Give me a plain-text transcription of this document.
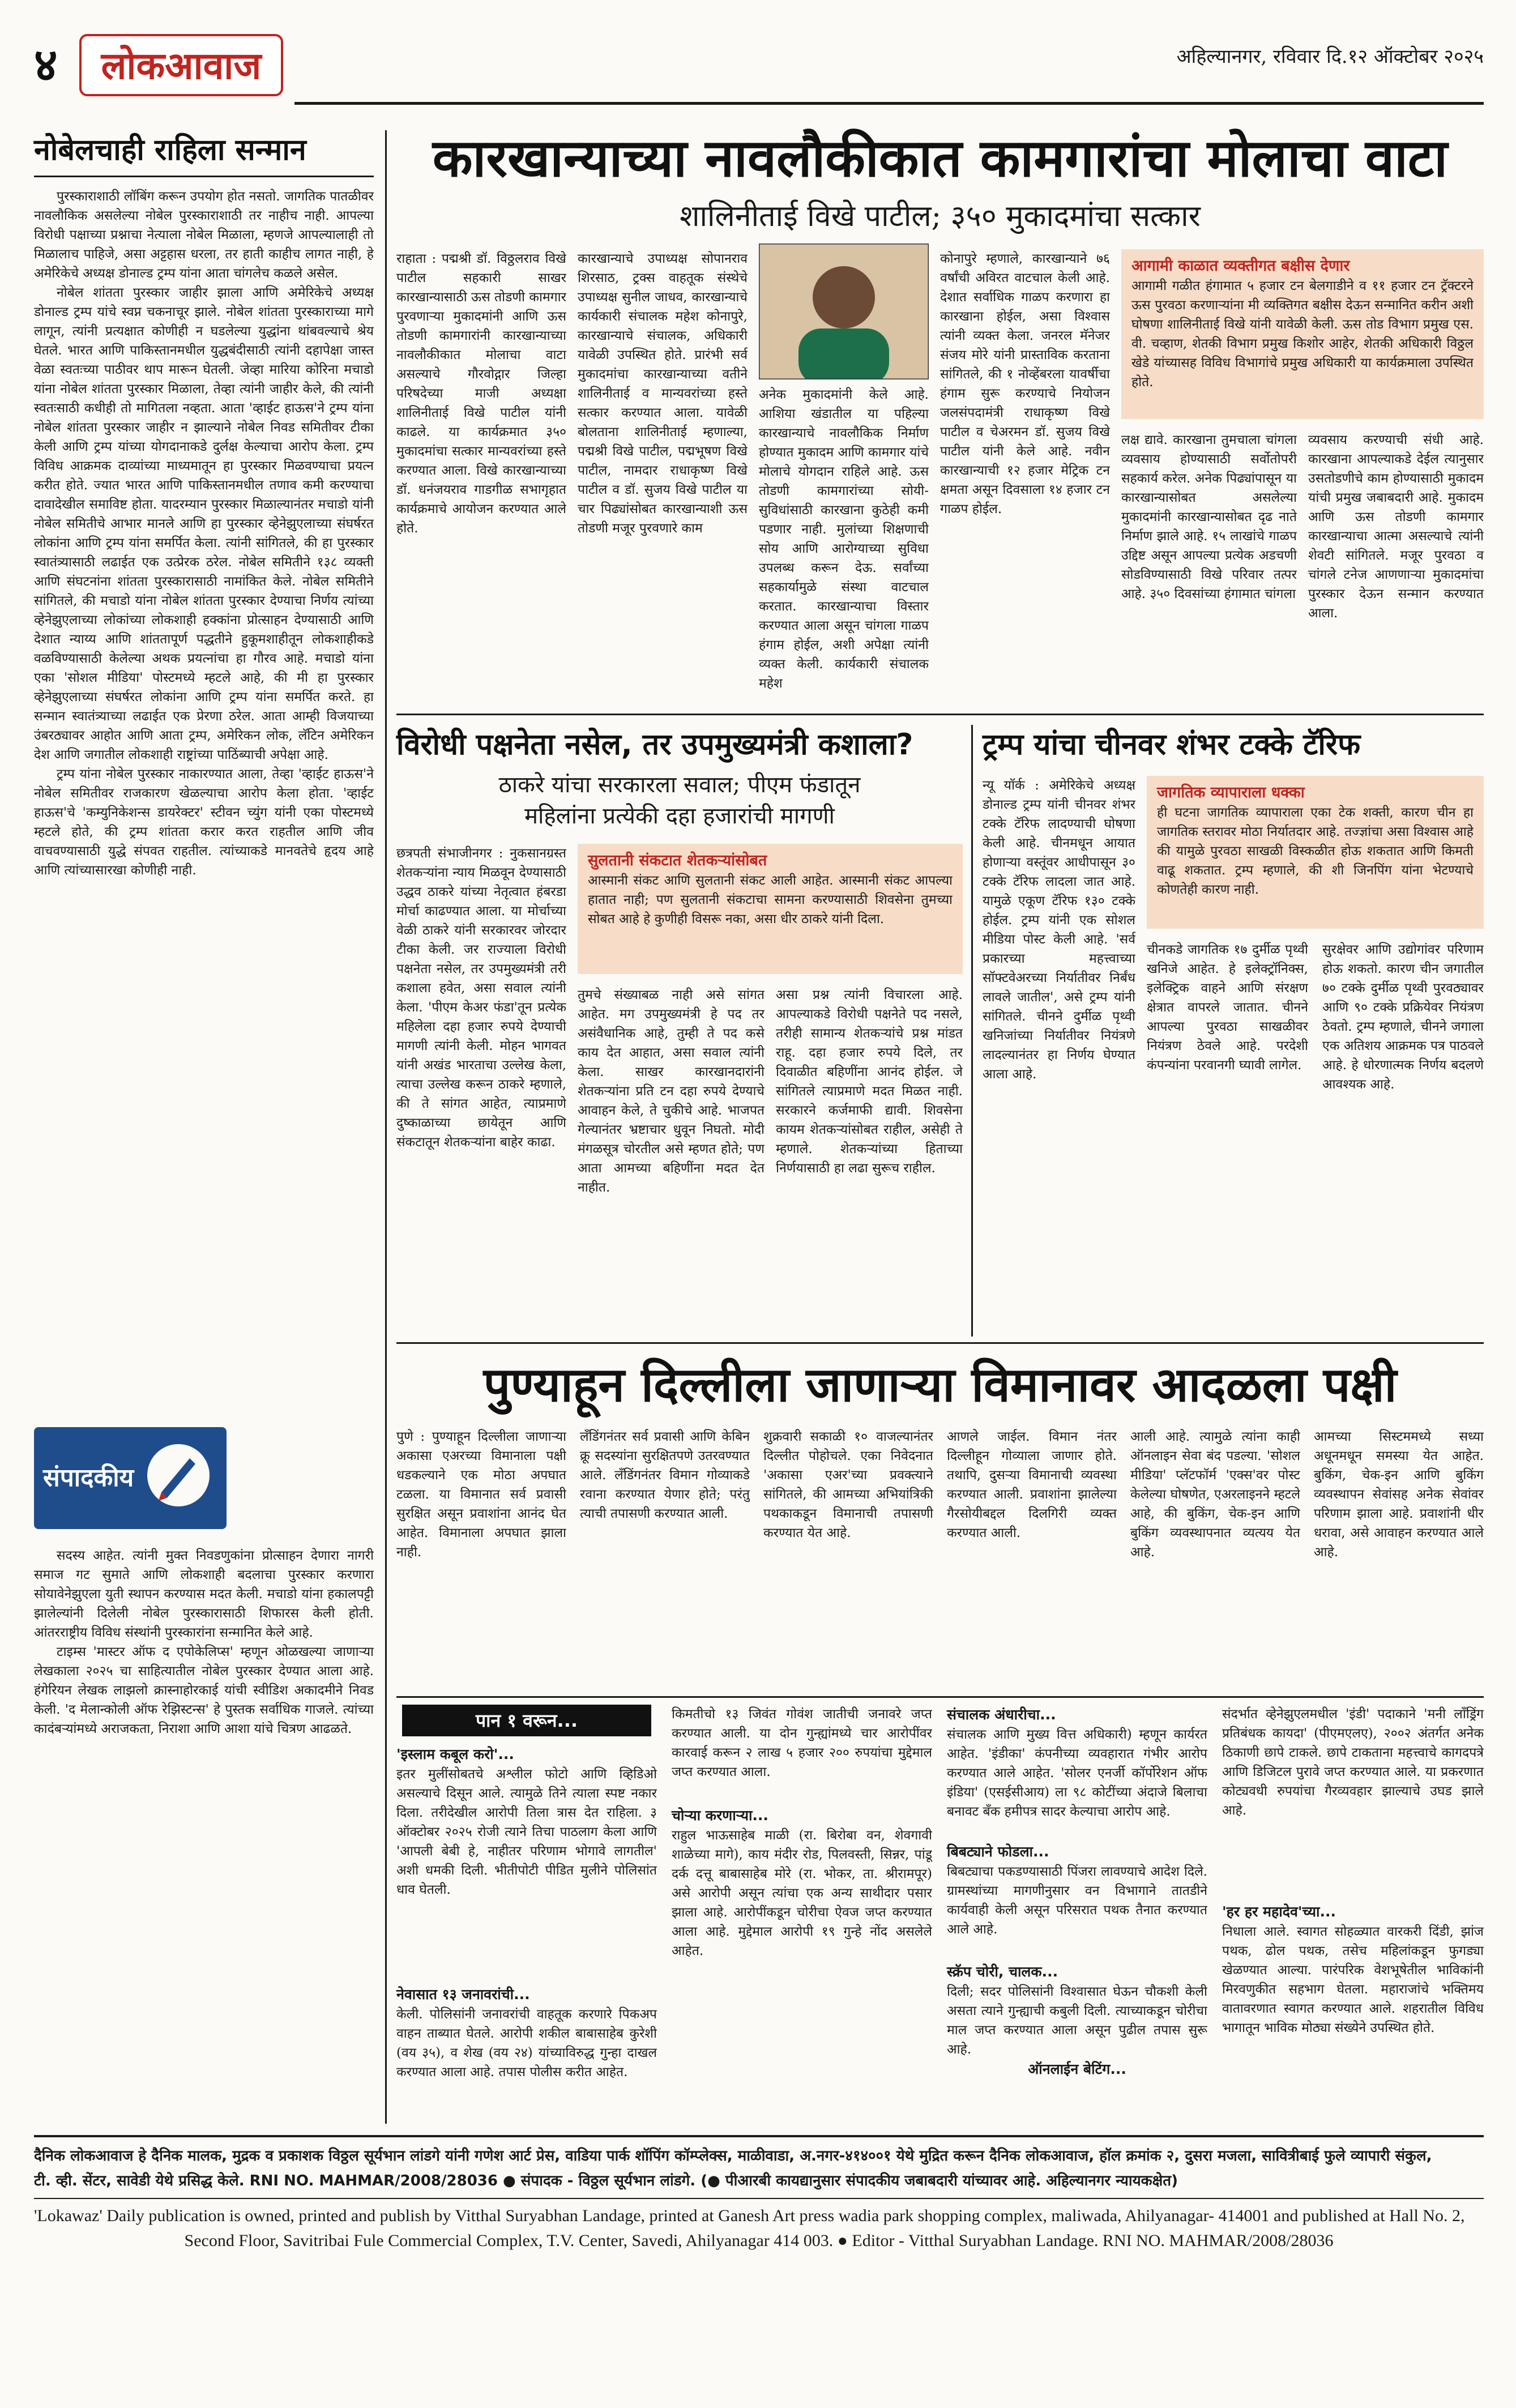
४	लोकआवाज	अहिल्यानगर, रविवार दि.१२ ऑक्टोबर २०२५
नोबेलचाही राहिला सन्मान

पुरस्काराशाठी लॉबिंग करून उपयोग होत नसतो. जागतिक पातळीवर नावलौकिक असलेल्या नोबेल पुरस्काराशाठी तर नाहीच नाही. आपल्या विरोधी पक्षाच्या प्रश्नाचा नेत्याला नोबेल मिळाला, म्हणजे आपल्यालाही तो मिळालाच पाहिजे, असा अट्टहास धरला, तर हाती काहीच लागत नाही, हे अमेरिकेचे अध्यक्ष डोनाल्ड ट्रम्प यांना आता चांगलेच कळले असेल.

नोबेल शांतता पुरस्कार जाहीर झाला आणि अमेरिकेचे अध्यक्ष डोनाल्ड ट्रम्प यांचे स्वप्न चकनाचूर झाले. नोबेल शांतता पुरस्काराच्या मागे लागून, त्यांनी प्रत्यक्षात कोणीही न घडलेल्या युद्धांना थांबवल्याचे श्रेय घेतले. भारत आणि पाकिस्तानमधील युद्धबंदीसाठी त्यांनी दहापेक्षा जास्त वेळा स्वतःच्या पाठीवर थाप मारून घेतली. जेव्हा मारिया कोरिना मचाडो यांना नोबेल शांतता पुरस्कार मिळाला, तेव्हा त्यांनी जाहीर केले, की त्यांनी स्वतःसाठी कधीही तो मागितला नव्हता. आता 'व्हाईट हाऊस'ने ट्रम्प यांना नोबेल शांतता पुरस्कार जाहीर न झाल्याने नोबेल निवड समितीवर टीका केली आणि ट्रम्प यांच्या योगदानाकडे दुर्लक्ष केल्याचा आरोप केला. ट्रम्प विविध आक्रमक दाव्यांच्या माध्यमातून हा पुरस्कार मिळवण्याचा प्रयत्न करीत होते. ज्यात भारत आणि पाकिस्तानमधील तणाव कमी करण्याचा दावादेखील समाविष्ट होता. यादरम्यान पुरस्कार मिळाल्यानंतर मचाडो यांनी नोबेल समितीचे आभार मानले आणि हा पुरस्कार व्हेनेझुएलाच्या संघर्षरत लोकांना आणि ट्रम्प यांना समर्पित केला. त्यांनी सांगितले, की हा पुरस्कार स्वातंत्र्यासाठी लढाईत एक उत्प्रेरक ठरेल. नोबेल समितीने १३८ व्यक्ती आणि संघटनांना शांतता पुरस्कारासाठी नामांकित केले. नोबेल समितीने सांगितले, की मचाडो यांना नोबेल शांतता पुरस्कार देण्याचा निर्णय त्यांच्या व्हेनेझुएलाच्या लोकांच्या लोकशाही हक्कांना प्रोत्साहन देण्यासाठी आणि देशात न्याय्य आणि शांततापूर्ण पद्धतीने हुकूमशाहीतून लोकशाहीकडे वळविण्यासाठी केलेल्या अथक प्रयत्नांचा हा गौरव आहे. मचाडो यांना एका 'सोशल मीडिया' पोस्टमध्ये म्हटले आहे, की मी हा पुरस्कार व्हेनेझुएलाच्या संघर्षरत लोकांना आणि ट्रम्प यांना समर्पित करते. हा सन्मान स्वातंत्र्याच्या लढाईत एक प्रेरणा ठरेल. आता आम्ही विजयाच्या उंबरठ्यावर आहोत आणि आता ट्रम्प, अमेरिकन लोक, लॅटिन अमेरिकन देश आणि जगातील लोकशाही राष्ट्रांच्या पाठिंब्याची अपेक्षा आहे.

ट्रम्प यांना नोबेल पुरस्कार नाकारण्यात आला, तेव्हा 'व्हाईट हाऊस'ने नोबेल समितीवर राजकारण खेळल्याचा आरोप केला होता. 'व्हाईट हाऊस'चे 'कम्युनिकेशन्स डायरेक्टर' स्टीवन च्युंग यांनी एका पोस्टमध्ये म्हटले होते, की ट्रम्प शांतता करार करत राहतील आणि जीव वाचवण्यासाठी युद्धे संपवत राहतील. त्यांच्याकडे मानवतेचे हृदय आहे आणि त्यांच्यासारखा कोणीही नाही.

संपादकीय

सदस्य आहेत. त्यांनी मुक्त निवडणुकांना प्रोत्साहन देणारा नागरी समाज गट सुमाते आणि लोकशाही बदलाचा पुरस्कार करणारा सोयावेनेझुएला युती स्थापन करण्यास मदत केली. मचाडो यांना हकालपट्टी झालेल्यांनी दिलेली नोबेल पुरस्कारासाठी शिफारस केली होती. आंतरराष्ट्रीय विविध संस्थांनी पुरस्कारांना सन्मानित केले आहे.

टाइम्स 'मास्टर ऑफ द एपोकेलिप्स' म्हणून ओळखल्या जाणाऱ्या लेखकाला २०२५ चा साहित्यातील नोबेल पुरस्कार देण्यात आला आहे. हंगेरियन लेखक लाझलो क्रास्नाहोरकाई यांची स्वीडिश अकादमीने निवड केली. 'द मेलान्कोली ऑफ रेझिस्टन्स' हे पुस्तक सर्वाधिक गाजले. त्यांच्या कादंबऱ्यांमध्ये अराजकता, निराशा आणि आशा यांचे चित्रण आढळते.

कारखान्याच्या नावलौकीकात कामगारांचा मोलाचा वाटा
शालिनीताई विखे पाटील; ३५० मुकादमांचा सत्कार
राहाता : पद्मश्री डॉ. विठ्ठलराव विखे पाटील सहकारी साखर कारखान्यासाठी ऊस तोडणी कामगार पुरवणाऱ्या मुकादमांनी आणि ऊस तोडणी कामगारांनी कारखान्याच्या नावलौकीकात मोलाचा वाटा असल्याचे गौरवोद्गार जिल्हा परिषदेच्या माजी अध्यक्षा शालिनीताई विखे पाटील यांनी काढले. या कार्यक्रमात ३५० मुकादमांचा सत्कार मान्यवरांच्या हस्ते करण्यात आला. विखे कारखान्याच्या डॉ. धनंजयराव गाडगीळ सभागृहात कार्यक्रमाचे आयोजन करण्यात आले होते.
कारखान्याचे उपाध्यक्ष सोपानराव शिरसाठ, ट्रक्स वाहतूक संस्थेचे उपाध्यक्ष सुनील जाधव, कारखान्याचे कार्यकारी संचालक महेश कोनापुरे, कारखान्याचे संचालक, अधिकारी यावेळी उपस्थित होते. प्रारंभी सर्व मुकादमांचा कारखान्याच्या वतीने शालिनीताई व मान्यवरांच्या हस्ते सत्कार करण्यात आला. यावेळी बोलताना शालिनीताई म्हणाल्या, पद्मश्री विखे पाटील, पद्मभूषण विखे पाटील, नामदार राधाकृष्ण विखे पाटील व डॉ. सुजय विखे पाटील या चार पिढ्यांसोबत कारखान्याशी ऊस तोडणी मजूर पुरवणारे काम
अनेक मुकादमांनी केले आहे. आशिया खंडातील या पहिल्या कारखान्याचे नावलौकिक निर्माण होण्यात मुकादम आणि कामगार यांचे मोलाचे योगदान राहिले आहे. ऊस तोडणी कामगारांच्या सोयी-सुविधांसाठी कारखाना कुठेही कमी पडणार नाही. मुलांच्या शिक्षणाची सोय आणि आरोग्याच्या सुविधा उपलब्ध करून देऊ. सर्वांच्या सहकार्यामुळे संस्था वाटचाल करतात. कारखान्याचा विस्तार करण्यात आला असून चांगला गाळप हंगाम होईल, अशी अपेक्षा त्यांनी व्यक्त केली. कार्यकारी संचालक महेश
कोनापुरे म्हणाले, कारखान्याने ७६ वर्षांची अविरत वाटचाल केली आहे. देशात सर्वाधिक गाळप करणारा हा कारखाना होईल, असा विश्वास त्यांनी व्यक्त केला. जनरल मॅनेजर संजय मोरे यांनी प्रास्ताविक करताना सांगितले, की १ नोव्हेंबरला यावर्षीचा हंगाम सुरू करण्याचे नियोजन जलसंपदामंत्री राधाकृष्ण विखे पाटील व चेअरमन डॉ. सुजय विखे पाटील यांनी केले आहे. नवीन कारखान्याची १२ हजार मेट्रिक टन क्षमता असून दिवसाला १४ हजार टन गाळप होईल.
आगामी काळात व्यक्तीगत बक्षीस देणार
आगामी गळीत हंगामात ५ हजार टन बेलगाडीने व ११ हजार टन ट्रॅक्टरने ऊस पुरवठा करणाऱ्यांना मी व्यक्तिगत बक्षीस देऊन सन्मानित करीन अशी घोषणा शालिनीताई विखे यांनी यावेळी केली. ऊस तोड विभाग प्रमुख एस. वी. चव्हाण, शेतकी विभाग प्रमुख किशोर आहेर, शेतकी अधिकारी विठ्ठल खेडे यांच्यासह विविध विभागांचे प्रमुख अधिकारी या कार्यक्रमाला उपस्थित होते.
लक्ष द्यावे. कारखाना तुमचाला चांगला व्यवसाय होण्यासाठी सर्वोतोपरी सहकार्य करेल. अनेक पिढ्यांपासून या कारखान्यासोबत असलेल्या मुकादमांनी कारखान्यासोबत दृढ नाते निर्माण झाले आहे. १५ लाखांचे गाळप उद्दिष्ट असून आपल्या प्रत्येक अडचणी सोडविण्यासाठी विखे परिवार तत्पर आहे. ३५० दिवसांच्या हंगामात चांगला
व्यवसाय करण्याची संधी आहे. कारखाना आपल्याकडे देईल त्यानुसार उसतोडणीचे काम होण्यासाठी मुकादम यांची प्रमुख जबाबदारी आहे. मुकादम आणि ऊस तोडणी कामगार कारखान्याचा आत्मा असल्याचे त्यांनी शेवटी सांगितले. मजूर पुरवठा व चांगले टनेज आणणाऱ्या मुकादमांचा पुरस्कार देऊन सन्मान करण्यात आला.
विरोधी पक्षनेता नसेल, तर उपमुख्यमंत्री कशाला?
ठाकरे यांचा सरकारला सवाल; पीएम फंडातून
महिलांना प्रत्येकी दहा हजारांची मागणी
छत्रपती संभाजीनगर : नुकसानग्रस्त शेतकऱ्यांना न्याय मिळवून देण्यासाठी उद्धव ठाकरे यांच्या नेतृत्वात हंबरडा मोर्चा काढण्यात आला. या मोर्चाच्या वेळी ठाकरे यांनी सरकारवर जोरदार टीका केली. जर राज्याला विरोधी पक्षनेता नसेल, तर उपमुख्यमंत्री तरी कशाला हवेत, असा सवाल त्यांनी केला. 'पीएम केअर फंडा'तून प्रत्येक महिलेला दहा हजार रुपये देण्याची मागणी त्यांनी केली. मोहन भागवत यांनी अखंड भारताचा उल्लेख केला, त्याचा उल्लेख करून ठाकरे म्हणाले, की ते सांगत आहेत, त्याप्रमाणे दुष्काळाच्या छायेतून आणि संकटातून शेतकऱ्यांना बाहेर काढा.
सुलतानी संकटात शेतकऱ्यांसोबत
आस्मानी संकट आणि सुलतानी संकट आली आहेत. आस्मानी संकट आपल्या हातात नाही; पण सुलतानी संकटाचा सामना करण्यासाठी शिवसेना तुमच्या सोबत आहे हे कुणीही विसरू नका, असा धीर ठाकरे यांनी दिला.
तुमचे संख्याबळ नाही असे सांगत आहेत. मग उपमुख्यमंत्री हे पद तर असंवैधानिक आहे, तुम्ही ते पद कसे काय देत आहात, असा सवाल त्यांनी केला. साखर कारखानदारांनी शेतकऱ्यांना प्रति टन दहा रुपये देण्याचे आवाहन केले, ते चुकीचे आहे. भाजपत गेल्यानंतर भ्रष्टाचार धुवून निघतो. मोदी मंगळसूत्र चोरतील असे म्हणत होते; पण आता आमच्या बहिणींना मदत देत नाहीत.
असा प्रश्न त्यांनी विचारला आहे. आपल्याकडे विरोधी पक्षनेते पद नसले, तरीही सामान्य शेतकऱ्यांचे प्रश्न मांडत राहू. दहा हजार रुपये दिले, तर दिवाळीत बहिणींना आनंद होईल. जे सांगितले त्याप्रमाणे मदत मिळत नाही. सरकारने कर्जमाफी द्यावी. शिवसेना कायम शेतकऱ्यांसोबत राहील, असेही ते म्हणाले. शेतकऱ्यांच्या हिताच्या निर्णयासाठी हा लढा सुरूच राहील.
ट्रम्प यांचा चीनवर शंभर टक्के टॅरिफ
न्यू यॉर्क : अमेरिकेचे अध्यक्ष डोनाल्ड ट्रम्प यांनी चीनवर शंभर टक्के टॅरिफ लादण्याची घोषणा केली आहे. चीनमधून आयात होणाऱ्या वस्तूंवर आधीपासून ३० टक्के टॅरिफ लादला जात आहे. यामुळे एकूण टॅरिफ १३० टक्के होईल. ट्रम्प यांनी एक सोशल मीडिया पोस्ट केली आहे. 'सर्व प्रकारच्या महत्त्वाच्या सॉफ्टवेअरच्या निर्यातीवर निर्बंध लावले जातील', असे ट्रम्प यांनी सांगितले. चीनने दुर्मीळ पृथ्वी खनिजांच्या निर्यातीवर नियंत्रणे लादल्यानंतर हा निर्णय घेण्यात आला आहे.
जागतिक व्यापाराला धक्का
ही घटना जागतिक व्यापाराला एका टेक शक्ती, कारण चीन हा जागतिक स्तरावर मोठा निर्यातदार आहे. तज्ज्ञांचा असा विश्वास आहे की यामुळे पुरवठा साखळी विस्कळीत होऊ शकतात आणि किमती वाढू शकतात. ट्रम्प म्हणाले, की शी जिनपिंग यांना भेटण्याचे कोणतेही कारण नाही.
चीनकडे जागतिक १७ दुर्मीळ पृथ्वी खनिजे आहेत. हे इलेक्ट्रॉनिक्स, इलेक्ट्रिक वाहने आणि संरक्षण क्षेत्रात वापरले जातात. चीनने आपल्या पुरवठा साखळीवर नियंत्रण ठेवले आहे. परदेशी कंपन्यांना परवानगी घ्यावी लागेल.
सुरक्षेवर आणि उद्योगांवर परिणाम होऊ शकतो. कारण चीन जगातील ७० टक्के दुर्मीळ पृथ्वी पुरवठ्यावर आणि ९० टक्के प्रक्रियेवर नियंत्रण ठेवतो. ट्रम्प म्हणाले, चीनने जगाला एक अतिशय आक्रमक पत्र पाठवले आहे. हे धोरणात्मक निर्णय बदलणे आवश्यक आहे.
पुण्याहून दिल्लीला जाणाऱ्या विमानावर आदळला पक्षी
पुणे : पुण्याहून दिल्लीला जाणाऱ्या अकासा एअरच्या विमानाला पक्षी धडकल्याने एक मोठा अपघात टळला. या विमानात सर्व प्रवासी सुरक्षित असून प्रवाशांना आनंद घेत आहेत. विमानाला अपघात झाला नाही.
लँडिंगनंतर सर्व प्रवासी आणि केबिन क्रू सदस्यांना सुरक्षितपणे उतरवण्यात आले. लँडिंगनंतर विमान गोव्याकडे रवाना करण्यात येणार होते; परंतु त्याची तपासणी करण्यात आली.
शुक्रवारी सकाळी १० वाजल्यानंतर दिल्लीत पोहोचले. एका निवेदनात 'अकासा एअर'च्या प्रवक्त्याने सांगितले, की आमच्या अभियांत्रिकी पथकाकडून विमानाची तपासणी करण्यात येत आहे.
आणले जाईल. विमान नंतर दिल्लीहून गोव्याला जाणार होते. तथापि, दुसऱ्या विमानाची व्यवस्था करण्यात आली. प्रवाशांना झालेल्या गैरसोयीबद्दल दिलगिरी व्यक्त करण्यात आली.
आली आहे. त्यामुळे त्यांना काही ऑनलाइन सेवा बंद पडल्या. 'सोशल मीडिया' प्लॅटफॉर्म 'एक्स'वर पोस्ट केलेल्या घोषणेत, एअरलाइनने म्हटले आहे, की बुकिंग, चेक-इन आणि बुकिंग व्यवस्थापनात व्यत्यय येत आहे.
आमच्या सिस्टममध्ये सध्या अधूनमधून समस्या येत आहेत. बुकिंग, चेक-इन आणि बुकिंग व्यवस्थापन सेवांसह अनेक सेवांवर परिणाम झाला आहे. प्रवाशांनी धीर धरावा, असे आवाहन करण्यात आले आहे.
पान १ वरून...
'इस्लाम कबूल करो'...
इतर मुलींसोबतचे अश्लील फोटो आणि व्हिडिओ असल्याचे दिसून आले. त्यामुळे तिने त्याला स्पष्ट नकार दिला. तरीदेखील आरोपी तिला त्रास देत राहिला. ३ ऑक्टोबर २०२५ रोजी त्याने तिचा पाठलाग केला आणि 'आपली बेबी हे, नाहीतर परिणाम भोगावे लागतील' अशी धमकी दिली. भीतीपोटी पीडित मुलीने पोलिसांत धाव घेतली.
नेवासात १३ जनावरांची...
केली. पोलिसांनी जनावरांची वाहतूक करणारे पिकअप वाहन ताब्यात घेतले. आरोपी शकील बाबासाहेब कुरेशी (वय ३५), व शेख (वय २४) यांच्याविरुद्ध गुन्हा दाखल करण्यात आला आहे. तपास पोलीस करीत आहेत.
किमतीचो १३ जिवंत गोवंश जातीची जनावरे जप्त करण्यात आली. या दोन गुन्ह्यांमध्ये चार आरोपींवर कारवाई करून २ लाख ५ हजार २०० रुपयांचा मुद्देमाल जप्त करण्यात आला.
चोऱ्या करणाऱ्या...
राहुल भाऊसाहेब माळी (रा. बिरोबा वन, शेवगावी शाळेच्या मागे), काय मंदीर रोड, पिलवस्ती, सिन्नर, पांडू दर्क दत्तू बाबासाहेब मोरे (रा. भोकर, ता. श्रीरामपूर) असे आरोपी असून त्यांचा एक अन्य साथीदार पसार झाला आहे. आरोपींकडून चोरीचा ऐवज जप्त करण्यात आला आहे. मुद्देमाल आरोपी १९ गुन्हे नोंद असलेले आहेत.
संचालक अंधारीचा...
संचालक आणि मुख्य वित्त अधिकारी) म्हणून कार्यरत आहेत. 'इंडीका' कंपनीच्या व्यवहारात गंभीर आरोप करण्यात आले आहेत. 'सोलर एनर्जी कॉर्पोरेशन ऑफ इंडिया' (एसईसीआय) ला ९८ कोटींच्या अंदाजे बिलाचा बनावट बँक हमीपत्र सादर केल्याचा आरोप आहे.
बिबट्याने फोडला...
बिबट्याचा पकडण्यासाठी पिंजरा लावण्याचे आदेश दिले. ग्रामस्थांच्या मागणीनुसार वन विभागाने तातडीने कार्यवाही केली असून परिसरात पथक तैनात करण्यात आले आहे.
स्क्रॅप चोरी, चालक...
दिली; सदर पोलिसांनी विश्वासात घेऊन चौकशी केली असता त्याने गुन्ह्याची कबुली दिली. त्याच्याकडून चोरीचा माल जप्त करण्यात आला असून पुढील तपास सुरू आहे.
ऑनलाईन बेटिंग...
संदर्भात व्हेनेझुएलमधील 'इंडी' पदाकाने 'मनी लॉंड्रिंग प्रतिबंधक कायदा' (पीएमएलए), २००२ अंतर्गत अनेक ठिकाणी छापे टाकले. छापे टाकताना महत्त्वाचे कागदपत्रे आणि डिजिटल पुरावे जप्त करण्यात आले. या प्रकरणात कोट्यवधी रुपयांचा गैरव्यवहार झाल्याचे उघड झाले आहे.
'हर हर महादेव'च्या...
निधाला आले. स्वागत सोहळ्यात वारकरी दिंडी, झांज पथक, ढोल पथक, तसेच महिलांकडून फुगड्या खेळण्यात आल्या. पारंपरिक वेशभूषेतील भाविकांनी मिरवणुकीत सहभाग घेतला. महाराजांचे भक्तिमय वातावरणात स्वागत करण्यात आले. शहरातील विविध भागातून भाविक मोठ्या संख्येने उपस्थित होते.
दैनिक लोकआवाज हे दैनिक मालक, मुद्रक व प्रकाशक विठ्ठल सूर्यभान लांडगे यांनी गणेश आर्ट प्रेस, वाडिया पार्क शॉपिंग कॉम्प्लेक्स, माळीवाडा, अ.नगर-४१४००१ येथे मुद्रित करून दैनिक लोकआवाज, हॉल क्रमांक २, दुसरा मजला, सावित्रीबाई फुले व्यापारी संकुल,
टी. व्ही. सेंटर, सावेडी येथे प्रसिद्ध केले. RNI NO. MAHMAR/2008/28036 ● संपादक - विठ्ठल सूर्यभान लांडगे. (● पीआरबी कायद्यानुसार संपादकीय जबाबदारी यांच्यावर आहे. अहिल्यानगर न्यायकक्षेत)
'Lokawaz' Daily publication is owned, printed and publish by Vitthal Suryabhan Landage, printed at Ganesh Art press wadia park shopping complex, maliwada, Ahilyanagar- 414001 and published at Hall No. 2,
Second Floor, Savitribai Fule Commercial Complex, T.V. Center, Savedi, Ahilyanagar 414 003. ● Editor - Vitthal Suryabhan Landage. RNI NO. MAHMAR/2008/28036
